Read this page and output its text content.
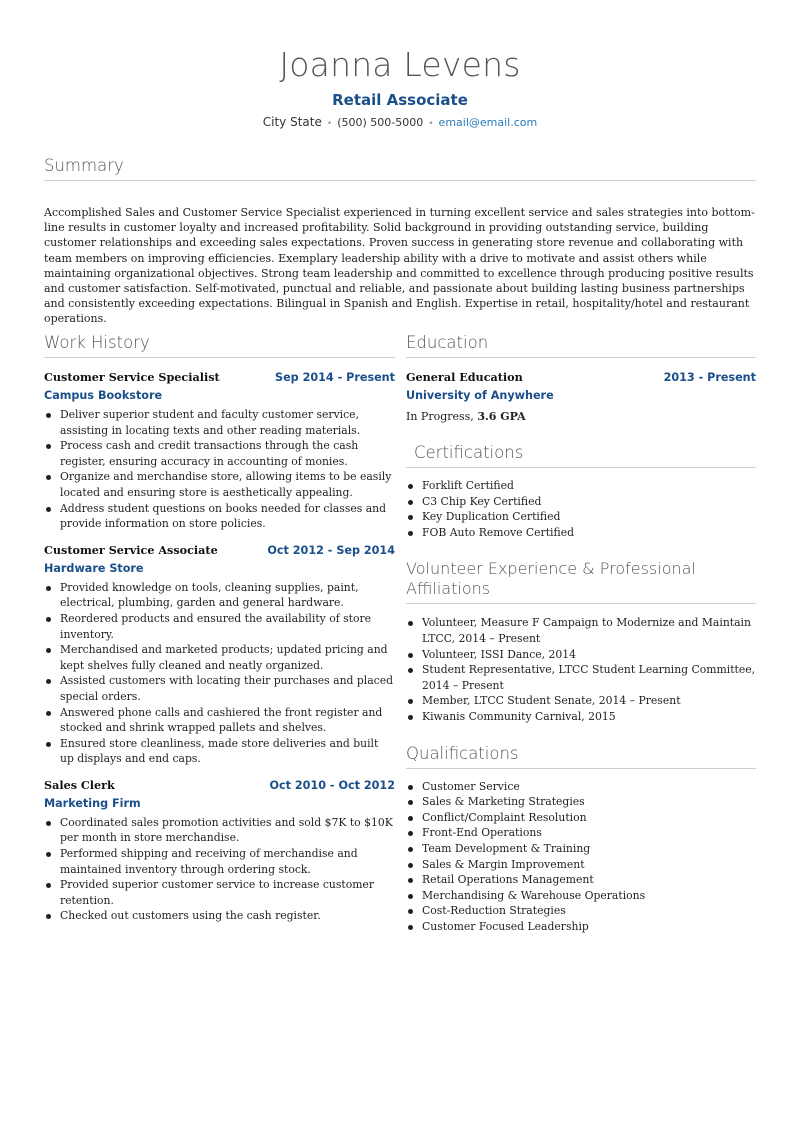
Joanna Levens
Retail Associate
City State • (500) 500-5000 • email@email.com
Summary

Accomplished Sales and Customer Service Specialist experienced in turning excellent service and sales strategies into bottom-line results in customer loyalty and increased profitability. Solid background in providing outstanding service, building customer relationships and exceeding sales expectations. Proven success in generating store revenue and collaborating with team members on improving efficiencies. Exemplary leadership ability with a drive to motivate and assist others while maintaining organizational objectives. Strong team leadership and committed to excellence through producing positive results and customer satisfaction. Self-motivated, punctual and reliable, and passionate about building lasting business partnerships and consistently exceeding expectations. Bilingual in Spanish and English. Expertise in retail, hospitality/hotel and restaurant operations.

Work History
Customer Service Specialist	Sep 2014 - Present
Campus Bookstore
Deliver superior student and faculty customer service, assisting in locating texts and other reading materials.
Process cash and credit transactions through the cash register, ensuring accuracy in accounting of monies.
Organize and merchandise store, allowing items to be easily located and ensuring store is aesthetically appealing.
Address student questions on books needed for classes and provide information on store policies.
Customer Service Associate	Oct 2012 - Sep 2014
Hardware Store
Provided knowledge on tools, cleaning supplies, paint, electrical, plumbing, garden and general hardware.
Reordered products and ensured the availability of store inventory.
Merchandised and marketed products; updated pricing and kept shelves fully cleaned and neatly organized.
Assisted customers with locating their purchases and placed special orders.
Answered phone calls and cashiered the front register and stocked and shrink wrapped pallets and shelves.
Ensured store cleanliness, made store deliveries and built up displays and end caps.
Sales Clerk	Oct 2010 - Oct 2012
Marketing Firm
Coordinated sales promotion activities and sold $7K to $10K per month in store merchandise.
Performed shipping and receiving of merchandise and maintained inventory through ordering stock.
Provided superior customer service to increase customer retention.
Checked out customers using the cash register.
Education
General Education	2013 - Present
University of Anywhere
In Progress, 3.6 GPA
Certifications
Forklift Certified
C3 Chip Key Certified
Key Duplication Certified
FOB Auto Remove Certified
Volunteer Experience & Professional
Affiliations
Volunteer, Measure F Campaign to Modernize and Maintain LTCC, 2014 – Present
Volunteer, ISSI Dance, 2014
Student Representative, LTCC Student Learning Committee, 2014 – Present
Member, LTCC Student Senate, 2014 – Present
Kiwanis Community Carnival, 2015
Qualifications
Customer Service
Sales & Marketing Strategies
Conflict/Complaint Resolution
Front-End Operations
Team Development & Training
Sales & Margin Improvement
Retail Operations Management
Merchandising & Warehouse Operations
Cost-Reduction Strategies
Customer Focused Leadership
